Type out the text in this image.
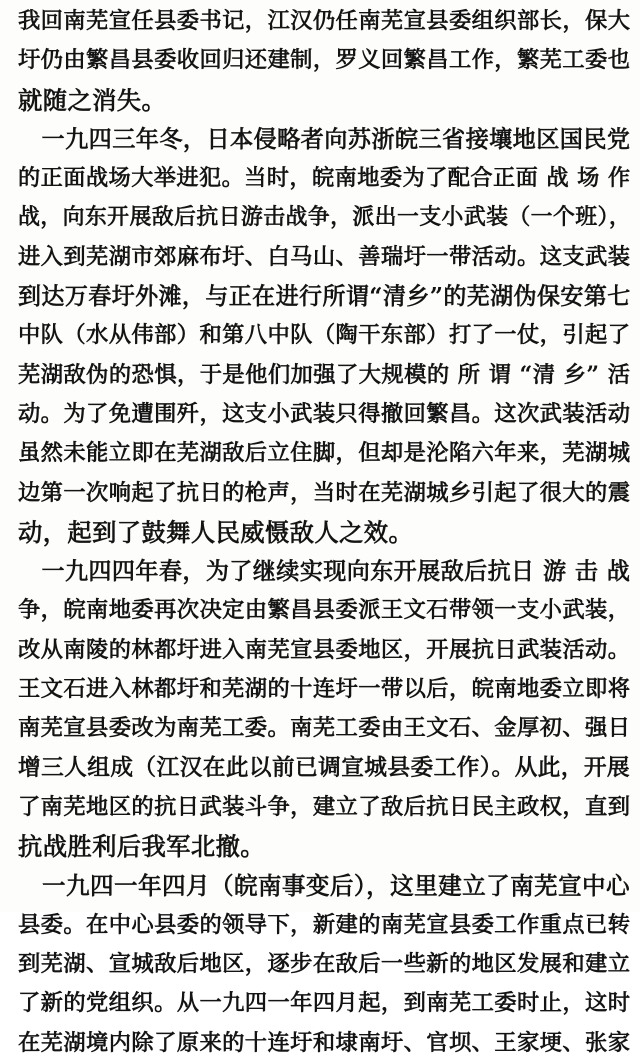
我回南芜宣任县委书记，江汉仍任南芜宣县委组织部长，保大
圩仍由繁昌县委收回归还建制，罗义回繁昌工作，繁芜工委也
就随之消失。
　一九四三年冬，日本侵略者向苏浙皖三省接壤地区国民党
的正面战场大举进犯。当时，皖南地委为了配合正面 战 场 作
战，向东开展敌后抗日游击战争，派出一支小武装（一个班），
进入到芜湖市郊麻布圩、白马山、善瑞圩一带活动。这支武装
到达万春圩外滩，与正在进行所谓“清乡”的芜湖伪保安第七
中队（水从伟部）和第八中队（陶干东部）打了一仗，引起了
芜湖敌伪的恐惧，于是他们加强了大规模的 所 谓 “清 乡” 活
动。为了免遭围歼，这支小武装只得撤回繁昌。这次武装活动
虽然未能立即在芜湖敌后立住脚，但却是沦陷六年来，芜湖城
边第一次响起了抗日的枪声，当时在芜湖城乡引起了很大的震
动，起到了鼓舞人民威慑敌人之效。
　一九四四年春，为了继续实现向东开展敌后抗日 游 击 战
争，皖南地委再次决定由繁昌县委派王文石带领一支小武装，
改从南陵的林都圩进入南芜宣县委地区，开展抗日武装活动。
王文石进入林都圩和芜湖的十连圩一带以后，皖南地委立即将
南芜宣县委改为南芜工委。南芜工委由王文石、金厚初、强日
增三人组成（江汉在此以前已调宣城县委工作）。从此，开展
了南芜地区的抗日武装斗争，建立了敌后抗日民主政权，直到
抗战胜利后我军北撤。
　一九四一年四月（皖南事变后），这里建立了南芜宣中心
县委。在中心县委的领导下，新建的南芜宣县委工作重点已转
到芜湖、宣城敌后地区，逐步在敌后一些新的地区发展和建立
了新的党组织。从一九四一年四月起，到南芜工委时止，这时
在芜湖境内除了原来的十连圩和埭南圩、官坝、王家埂、张家
